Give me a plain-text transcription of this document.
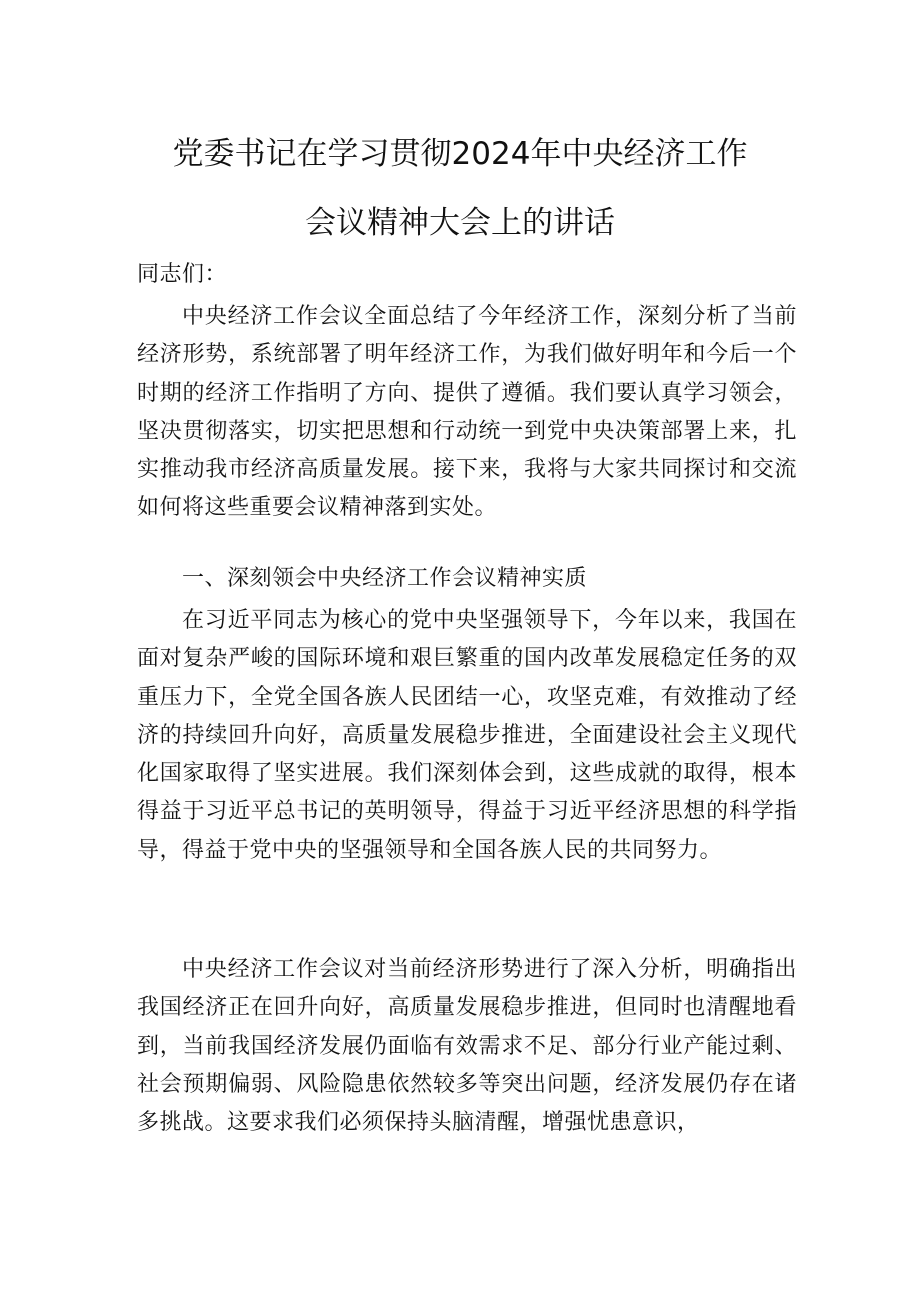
党委书记在学习贯彻2024年中央经济工作
会议精神大会上的讲话

同志们：

中央经济工作会议全面总结了今年经济工作，深刻分析了当前经济形势，系统部署了明年经济工作，为我们做好明年和今后一个时期的经济工作指明了方向、提供了遵循。我们要认真学习领会，坚决贯彻落实，切实把思想和行动统一到党中央决策部署上来，扎实推动我市经济高质量发展。接下来，我将与大家共同探讨和交流如何将这些重要会议精神落到实处。

一、深刻领会中央经济工作会议精神实质

在习近平同志为核心的党中央坚强领导下，今年以来，我国在面对复杂严峻的国际环境和艰巨繁重的国内改革发展稳定任务的双重压力下，全党全国各族人民团结一心，攻坚克难，有效推动了经济的持续回升向好，高质量发展稳步推进，全面建设社会主义现代化国家取得了坚实进展。我们深刻体会到，这些成就的取得，根本得益于习近平总书记的英明领导，得益于习近平经济思想的科学指导，得益于党中央的坚强领导和全国各族人民的共同努力。

中央经济工作会议对当前经济形势进行了深入分析，明确指出我国经济正在回升向好，高质量发展稳步推进，但同时也清醒地看到，当前我国经济发展仍面临有效需求不足、部分行业产能过剩、社会预期偏弱、风险隐患依然较多等突出问题，经济发展仍存在诸多挑战。这要求我们必须保持头脑清醒，增强忧患意识，
